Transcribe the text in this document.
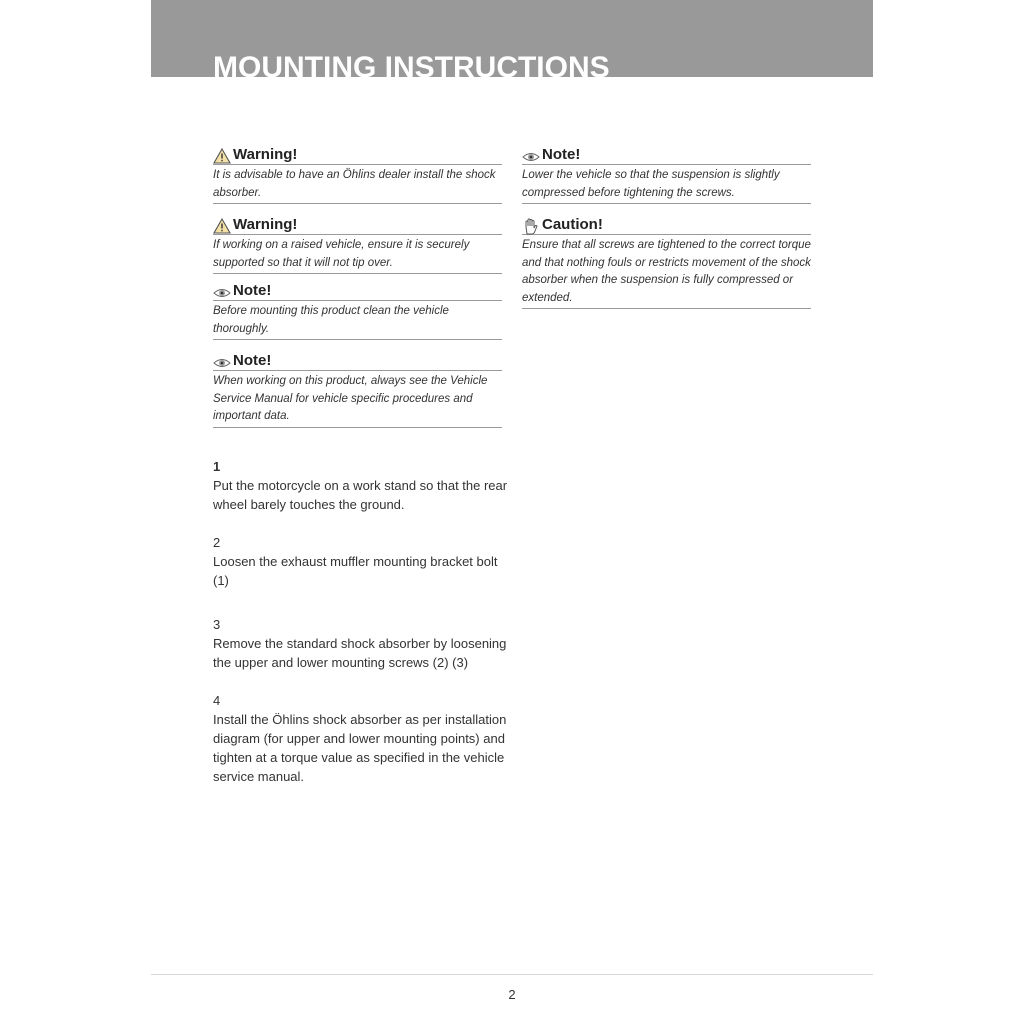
MOUNTING INSTRUCTIONS
Warning!
It is advisable to have an Öhlins dealer install the shock absorber.
Warning!
If working on a raised vehicle, ensure it is securely supported so that it will not tip over.
Note!
Before mounting this product clean the vehicle thoroughly.
Note!
When working on this product, always see the Vehicle Service Manual for vehicle specific procedures and important data.
Note!
Lower the vehicle so that the suspension is slightly compressed before tightening the screws.
Caution!
Ensure that all screws are tightened to the correct torque and that nothing fouls or restricts movement of the shock absorber when the suspension is fully compressed or extended.
1
Put the motorcycle on a work stand so that the rear wheel barely touches the ground.
2
Loosen the exhaust muffler mounting bracket bolt (1)
3
Remove the standard shock absorber by loosening the upper and lower mounting screws (2) (3)
4
Install the Öhlins shock absorber as per installation diagram (for upper and lower mounting points) and tighten at a torque value as specified in the vehicle service manual.
2
